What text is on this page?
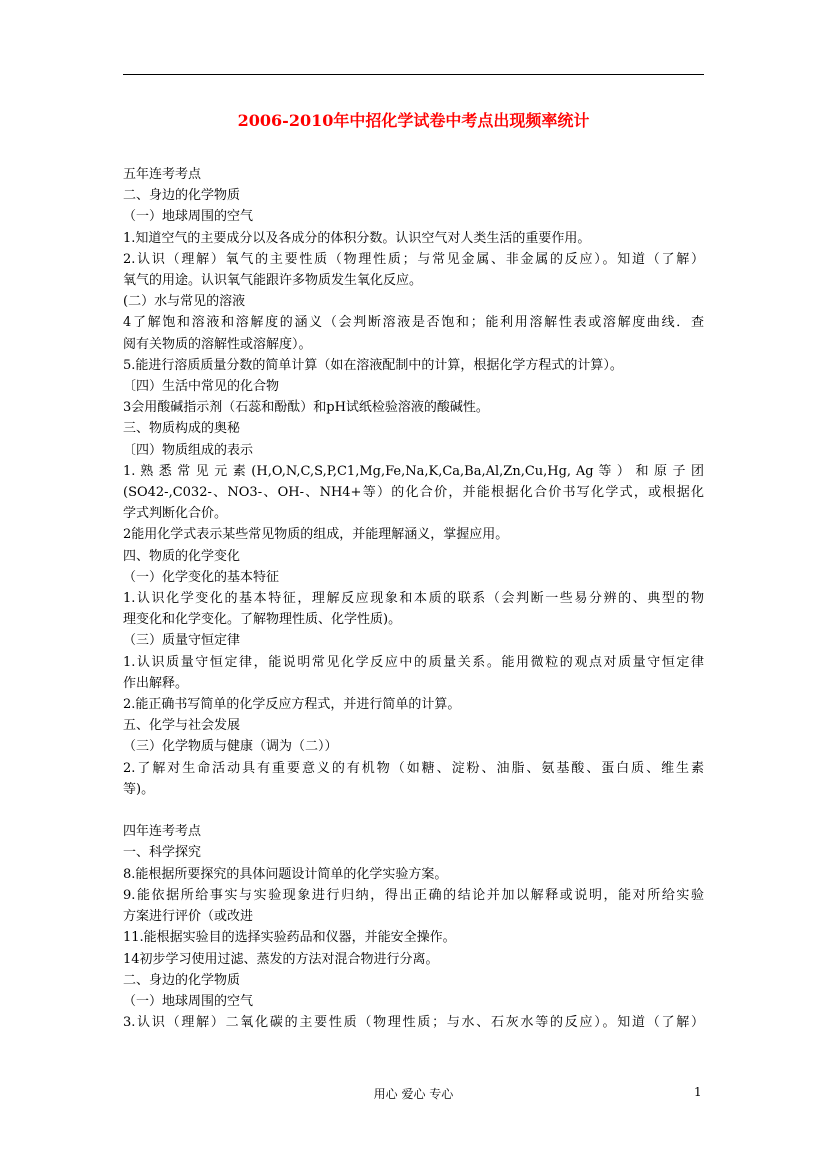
2006-2010年中招化学试卷中考点出现频率统计
五年连考考点
二、身边的化学物质
（一）地球周围的空气
1.知道空气的主要成分以及各成分的体积分数。认识空气对人类生活的重要作用。
2.认识（理解）氧气的主要性质（物理性质；与常见金属、非金属的反应）。知道（了解）
氧气的用途。认识氧气能跟许多物质发生氧化反应。
(二）水与常见的溶液
4了解饱和溶液和溶解度的涵义（会判断溶液是否饱和；能利用溶解性表或溶解度曲线．查
阅有关物质的溶解性或溶解度）。
5.能进行溶质质量分数的简单计算（如在溶液配制中的计算，根据化学方程式的计算）。
〔四）生活中常见的化合物
3会用酸碱指示剂（石蕊和酚酞）和pH试纸检验溶液的酸碱性。
三、物质构成的奥秘
〔四）物质组成的表示
1. 熟 悉 常 见 元 素 (H,O,N,C,S,P,C1,Mg,Fe,Na,K,Ca,Ba,Al,Zn,Cu,Hg, Ag 等 ） 和 原 子 团
(SO42-,C032-、NO3-、OH-、NH4+等）的化合价，并能根据化合价书写化学式，或根据化
学式判断化合价。
2能用化学式表示某些常见物质的组成，并能理解涵义，掌握应用。
四、物质的化学变化
（一）化学变化的基本特征
1.认识化学变化的基本特征，理解反应现象和本质的联系（会判断一些易分辨的、典型的物
理变化和化学变化。了解物理性质、化学性质)。
（三）质量守恒定律
1.认识质量守恒定律，能说明常见化学反应中的质量关系。能用微粒的观点对质量守恒定律
作出解释。
2.能正确书写简单的化学反应方程式，并进行简单的计算。
五、化学与社会发展
（三）化学物质与健康（调为（二））
2.了解对生命活动具有重要意义的有机物（如糖、淀粉、油脂、氨基酸、蛋白质、维生素
等)。
四年连考考点
一、科学探究
8.能根据所要探究的具体问题设计简单的化学实验方案。
9.能依据所给事实与实验现象进行归纳，得出正确的结论并加以解释或说明，能对所给实验
方案进行评价（或改进
11.能根据实验目的选择实验药品和仪器，并能安全操作。
14初步学习使用过滤、蒸发的方法对混合物进行分离。
二、身边的化学物质
（一）地球周围的空气
3.认识（理解）二氧化碳的主要性质（物理性质；与水、石灰水等的反应）。知道（了解）
用心 爱心 专心	1
